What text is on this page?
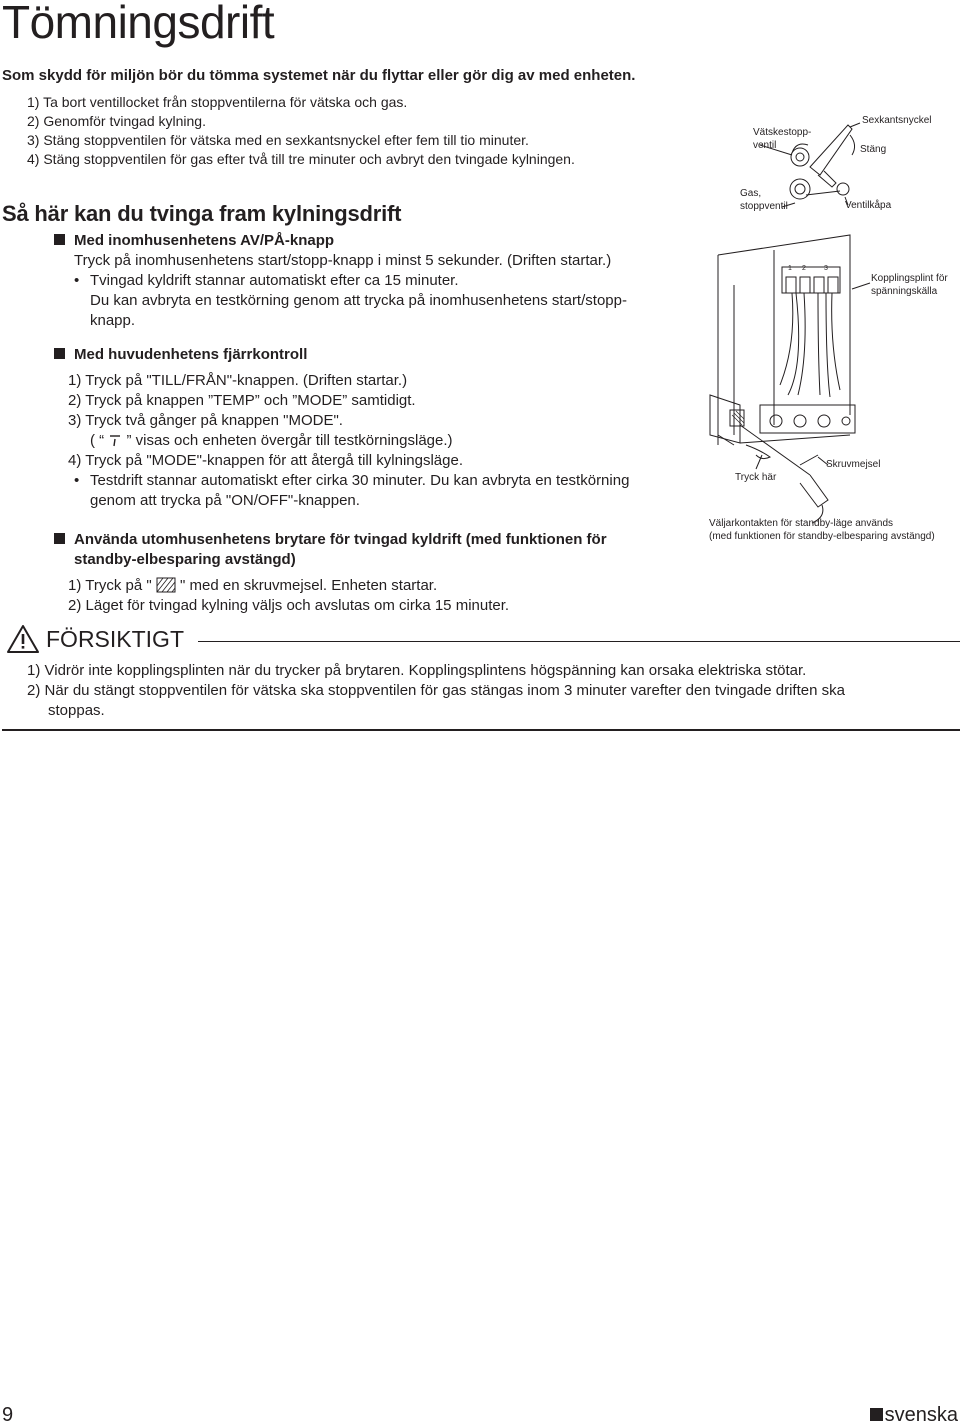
Tömningsdrift
Som skydd för miljön bör du tömma systemet när du flyttar eller gör dig av med enheten.
1) Ta bort ventillocket från stoppventilerna för vätska och gas.
2) Genomför tvingad kylning.
3) Stäng stoppventilen för vätska med en sexkantsnyckel efter fem till tio minuter.
4) Stäng stoppventilen för gas efter två till tre minuter och avbryt den tvingade kylningen.
Så här kan du tvinga fram kylningsdrift
Med inomhusenhetens AV/PÅ-knapp
Tryck på inomhusenhetens start/stopp-knapp i minst 5 sekunder. (Driften startar.)
• Tvingad kyldrift stannar automatiskt efter ca 15 minuter.
Du kan avbryta en testkörning genom att trycka på inomhusenhetens start/stopp-
knapp.
Med huvudenhetens fjärrkontroll
1) Tryck på "TILL/FRÅN"-knappen. (Driften startar.)
2) Tryck på knappen ”TEMP” och ”MODE” samtidigt.
3) Tryck två gånger på knappen "MODE".
( “ ” visas och enheten övergår till testkörningsläge.)
4) Tryck på "MODE"-knappen för att återgå till kylningsläge.
• Testdrift stannar automatiskt efter cirka 30 minuter. Du kan avbryta en testkörning
genom att trycka på "ON/OFF"-knappen.
Använda utomhusenhetens brytare för tvingad kyldrift (med funktionen för
standby-elbesparing avstängd)
1) Tryck på " " med en skruvmejsel. Enheten startar.
2) Läget för tvingad kylning väljs och avslutas om cirka 15 minuter.
Vätskestopp-
ventil
Sexkantsnyckel
Stäng
Gas,
stoppventil	Ventilkåpa
1 2	3
Kopplingsplint för
spänningskälla
Tryck här
Skruvmejsel
Väljarkontakten för standby-läge används
(med funktionen för standby-elbesparing avstängd)
FÖRSIKTIGT
1) Vidrör inte kopplingsplinten när du trycker på brytaren. Kopplingsplintens högspänning kan orsaka elektriska stötar.
2) När du stängt stoppventilen för vätska ska stoppventilen för gas stängas inom 3 minuter varefter den tvingade driften ska
stoppas.
9	svenska
